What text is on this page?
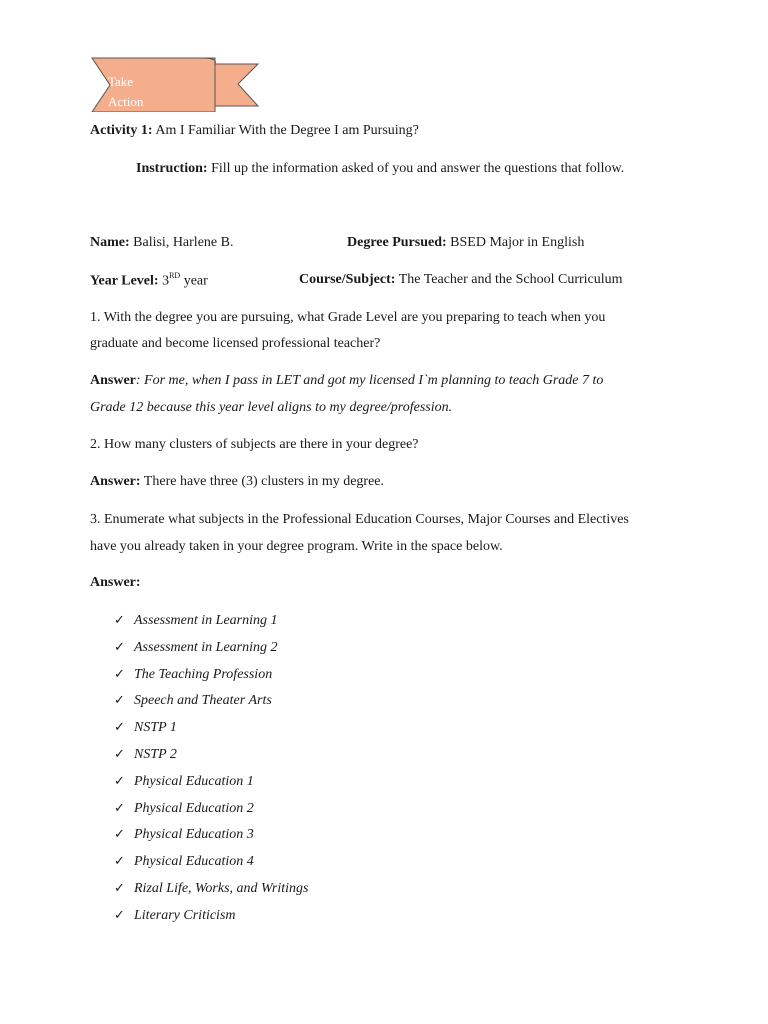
Take Action
Activity 1: Am I Familiar With the Degree I am Pursuing?
Instruction: Fill up the information asked of you and answer the questions that follow.
Name: Balisi, Harlene B.	Degree Pursued: BSED Major in English
Year Level: 3RD year	Course/Subject: The Teacher and the School Curriculum
1. With the degree you are pursuing, what Grade Level are you preparing to teach when you
graduate and become licensed professional teacher?
Answer: For me, when I pass in LET and got my licensed I`m planning to teach Grade 7 to
Grade 12 because this year level aligns to my degree/profession.
2. How many clusters of subjects are there in your degree?
Answer: There have three (3) clusters in my degree.
3. Enumerate what subjects in the Professional Education Courses, Major Courses and Electives
have you already taken in your degree program. Write in the space below.
Answer:
✓ Assessment in Learning 1
✓ Assessment in Learning 2
✓ The Teaching Profession
✓ Speech and Theater Arts
✓ NSTP 1
✓ NSTP 2
✓ Physical Education 1
✓ Physical Education 2
✓ Physical Education 3
✓ Physical Education 4
✓ Rizal Life, Works, and Writings
✓ Literary Criticism
